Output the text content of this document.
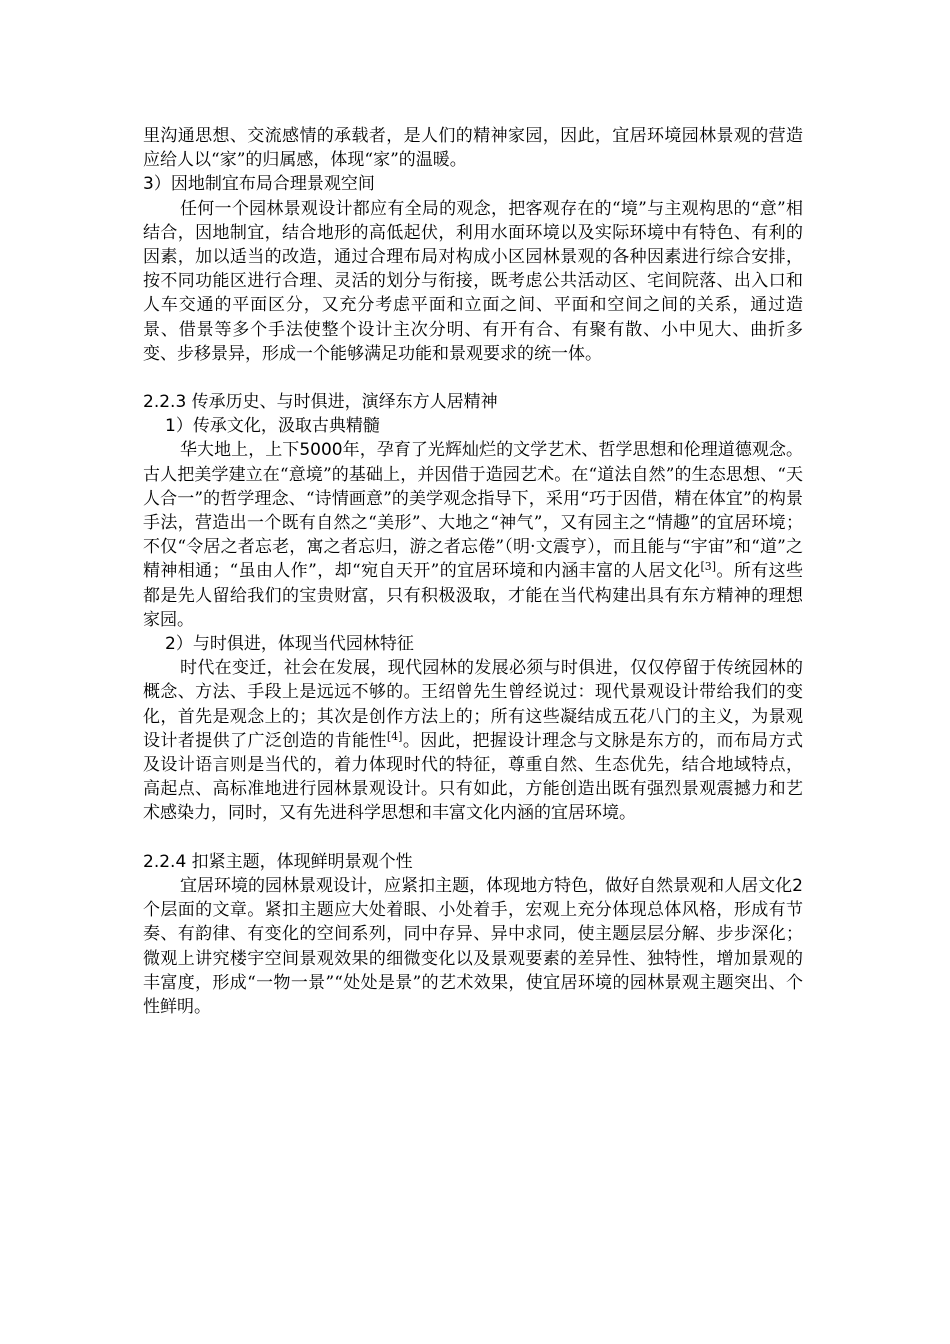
里沟通思想、交流感情的承载者，是人们的精神家园，因此，宜居环境园林景观的营造应给人以“家”的归属感，体现“家”的温暖。

3）因地制宜布局合理景观空间

任何一个园林景观设计都应有全局的观念，把客观存在的“境”与主观构思的“意”相结合，因地制宜，结合地形的高低起伏，利用水面环境以及实际环境中有特色、有利的因素，加以适当的改造，通过合理布局对构成小区园林景观的各种因素进行综合安排，按不同功能区进行合理、灵活的划分与衔接，既考虑公共活动区、宅间院落、出入口和人车交通的平面区分，又充分考虑平面和立面之间、平面和空间之间的关系，通过造景、借景等多个手法使整个设计主次分明、有开有合、有聚有散、小中见大、曲折多变、步移景异，形成一个能够满足功能和景观要求的统一体。

2.2.3 传承历史、与时俱进，演绎东方人居精神

1）传承文化，汲取古典精髓

华大地上，上下5000年，孕育了光辉灿烂的文学艺术、哲学思想和伦理道德观念。古人把美学建立在“意境”的基础上，并因借于造园艺术。在“道法自然”的生态思想、“天人合一”的哲学理念、“诗情画意”的美学观念指导下，采用“巧于因借，精在体宜”的构景手法，营造出一个既有自然之“美形”、大地之“神气”，又有园主之“情趣”的宜居环境；不仅“令居之者忘老，寓之者忘归，游之者忘倦”（明·文震亨），而且能与“宇宙”和“道”之精神相通；“虽由人作”，却“宛自天开”的宜居环境和内涵丰富的人居文化[3]。所有这些都是先人留给我们的宝贵财富，只有积极汲取，才能在当代构建出具有东方精神的理想家园。

2）与时俱进，体现当代园林特征

时代在变迁，社会在发展，现代园林的发展必须与时俱进，仅仅停留于传统园林的概念、方法、手段上是远远不够的。王绍曾先生曾经说过：现代景观设计带给我们的变化，首先是观念上的；其次是创作方法上的；所有这些凝结成五花八门的主义，为景观设计者提供了广泛创造的肯能性[4]。因此，把握设计理念与文脉是东方的，而布局方式及设计语言则是当代的，着力体现时代的特征，尊重自然、生态优先，结合地域特点，高起点、高标准地进行园林景观设计。只有如此，方能创造出既有强烈景观震撼力和艺术感染力，同时，又有先进科学思想和丰富文化内涵的宜居环境。

2.2.4 扣紧主题，体现鲜明景观个性

宜居环境的园林景观设计，应紧扣主题，体现地方特色，做好自然景观和人居文化2个层面的文章。紧扣主题应大处着眼、小处着手，宏观上充分体现总体风格，形成有节奏、有韵律、有变化的空间系列，同中存异、异中求同，使主题层层分解、步步深化；微观上讲究楼宇空间景观效果的细微变化以及景观要素的差异性、独特性，增加景观的丰富度，形成“一物一景”“处处是景”的艺术效果，使宜居环境的园林景观主题突出、个性鲜明。
